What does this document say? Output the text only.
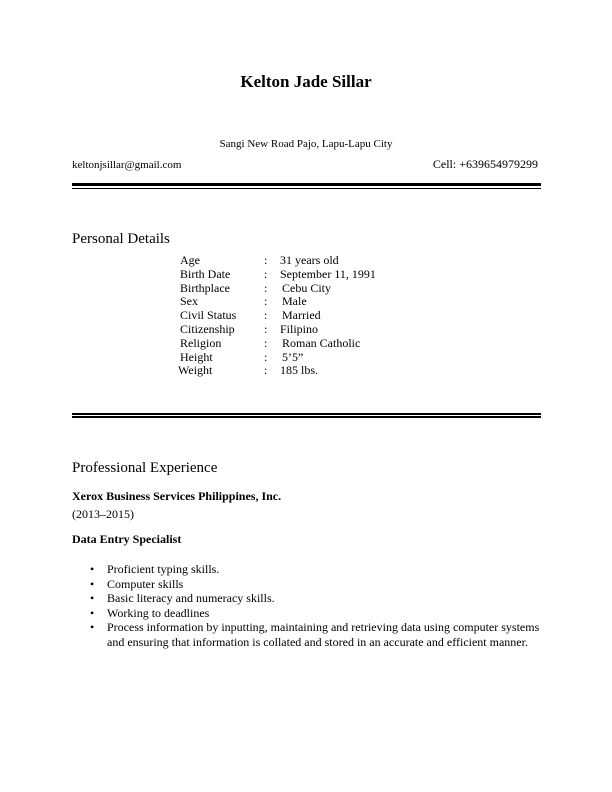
Kelton Jade Sillar
Sangi New Road Pajo, Lapu-Lapu City
keltonjsillar@gmail.com	Cell: +639654979299
Personal Details
Age	:	31 years old
Birth Date	:	September 11, 1991
Birthplace	:	Cebu City
Sex	:	Male
Civil Status	:	Married
Citizenship	:	Filipino
Religion	:	Roman Catholic
Height	:	5’5”
Weight	:	185 lbs.
Professional Experience
Xerox Business Services Philippines, Inc.
(2013–2015)
Data Entry Specialist
•	Proficient typing skills.
•	Computer skills
•	Basic literacy and numeracy skills.
•	Working to deadlines
•	Process information by inputting, maintaining and retrieving data using computer systems and ensuring that information is collated and stored in an accurate and efficient manner.
